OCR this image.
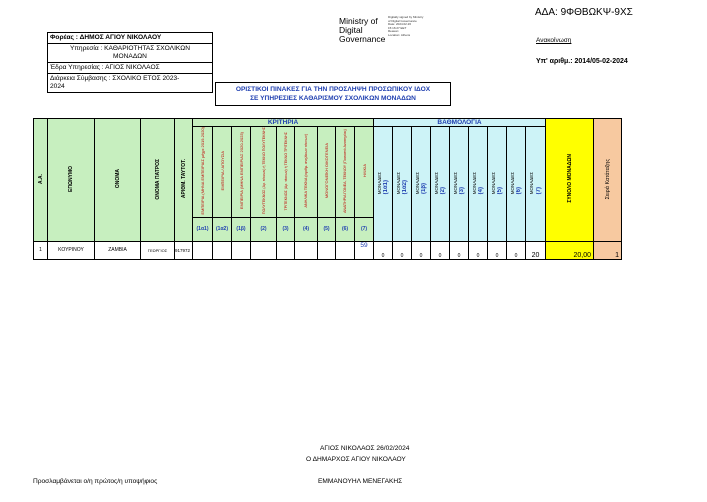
ΑΔΑ: 9ΦΘΒΩΚΨ-9ΧΣ
Ministry of
Digital
Governance
Digitally signed by Ministry
of Digital Governance
Date: 2024.02.26
15:16:27 EET
Reason:
Location: Athens
Ανακοίνωση
Υπ' αριθμ.: 2014/05-02-2024
Φορέας : ΔΗΜΟΣ ΑΓΙΟΥ ΝΙΚΟΛΑΟΥ
Υπηρεσία : ΚΑΘΑΡΙΟΤΗΤΑΣ ΣΧΟΛΙΚΩΝ
ΜΟΝΑΔΩΝ
Έδρα Υπηρεσίας : ΑΓΙΟΣ ΝΙΚΟΛΑΟΣ
Διάρκεια Σύμβασης : ΣΧΟΛΙΚΟ ΕΤΟΣ 2023-
2024	ΟΡΙΣΤΙΚΟΙ ΠΙΝΑΚΕΣ ΓΙΑ ΤΗΝ ΠΡΟΣΛΗΨΗ ΠΡΟΣΩΠΙΚΟΥ ΙΔΟΧ
ΣΕ ΥΠΗΡΕΣΙΕΣ ΚΑΘΑΡΙΣΜΟΥ ΣΧΟΛΙΚΩΝ ΜΟΝΑΔΩΝ
Α.Α.	ΕΠΩΝΥΜΟ	ΟΝΟΜΑ	ΟΝΟΜΑ ΠΑΤΡΟΣ	ΑΡΙΘΜ. ΤΑΥΤΟΤ.	ΚΡΙΤΗΡΙΑ									ΒΑΘΜΟΛΟΓΙΑ									ΣΥΝΟΛΟ ΜΟΝΑΔΩΝ	Σειρά Κατάταξης
					ΕΜΠΕΙΡΙΑ (ΜΗΝΑ ΕΜΠΕΙΡΙΑΣ μέχρι 2019-2020)	ΕΜΠΕΙΡΙΑ / ΑΠΟΥΣΙΑ	ΕΜΠΕΙΡΙΑ (ΜΗΝΑ ΕΜΠΕΙΡΙΑΣ 2020-2023)	ΠΟΛΥΤΕΚΝΟΣ (Αρ. τέκνων) ή ΤΕΚΝΟ ΠΟΛΥΤΕΚΝΗΣ	ΤΡΙΤΕΚΝΟΣ (Αρ. τέκνων) ή ΤΕΚΝΟ ΤΡΙΤΕΚΝΗΣ	ΑΝΗΛΙΚΑ ΤΕΚΝΑ (αριθμ. ανηλίκων τέκνων)	ΜΟΝΟΓΟΝΕΪΚΗ ΟΙΚΟΓΕΝΕΙΑ	ΑΝΑΠΗΡΙΑ ΓΟΝΕΑ, ΤΕΚΝΟΥ (Ποσοστό Αναπηρίας)	ΗΛΙΚΙΑ	ΜΟΝΑΔΕΣ (1α1)	ΜΟΝΑΔΕΣ (1α2)	ΜΟΝΑΔΕΣ (1β)	ΜΟΝΑΔΕΣ (2)	ΜΟΝΑΔΕΣ (3)	ΜΟΝΑΔΕΣ (4)	ΜΟΝΑΔΕΣ (5)	ΜΟΝΑΔΕΣ (6)	ΜΟΝΑΔΕΣ (7)		
					(1α1)	(1α2)	(1β)	(2)	(3)	(4)	(5)	(6)	(7)											
1	ΚΟΥΡΙΝΟΥ	ΖΑΜΒΙΑ	ΓΕΩΡΓΙΟΣ	917972									59	0	0	0	0	0	0	0	0	20	20,00	1
ΑΓΙΟΣ ΝΙΚΟΛΑΟΣ 26/02/2024
Ο ΔΗΜΑΡΧΟΣ ΑΓΙΟΥ ΝΙΚΟΛΑΟΥ
Προσλαμβάνεται ο/η πρώτος/η υποψήφιος	ΕΜΜΑΝΟΥΗΛ ΜΕΝΕΓΑΚΗΣ
